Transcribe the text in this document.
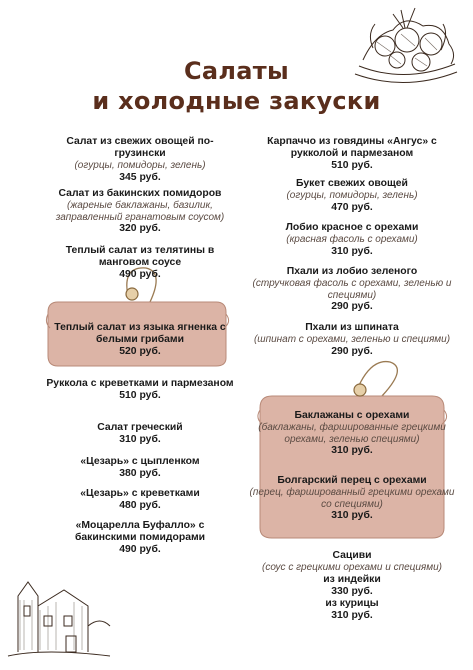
Салаты
и холодные закуски
Салат из свежих овощей по-грузински
(огурцы, помидоры, зелень)
345 руб.
Салат из бакинских помидоров
(жареные баклажаны, базилик, заправленный гранатовым соусом)
320 руб.
Теплый салат из телятины в манговом соусе
490 руб.
Теплый салат из языка ягненка с белыми грибами
520 руб.
Руккола с креветками и пармезаном
510 руб.
Салат греческий
310 руб.
«Цезарь» с цыпленком
380 руб.
«Цезарь» с креветками
480 руб.
«Моцарелла Буфалло» с бакинскими помидорами
490 руб.
Карпаччо из говядины «Ангус» с рукколой и пармезаном
510 руб.
Букет свежих овощей
(огурцы, помидоры, зелень)
470 руб.
Лобио красное с орехами
(красная фасоль с орехами)
310 руб.
Пхали из лобио зеленого
(стручковая фасоль с орехами, зеленью и специями)
290 руб.
Пхали из шпината
(шпинат с орехами, зеленью и специями)
290 руб.
Баклажаны с орехами
(баклажаны, фаршированные грецкими орехами, зеленью специями)
310 руб.
Болгарский перец с орехами
(перец, фаршированный грецкими орехами со специями)
310 руб.
Сациви
(соус с грецкими орехами и специями)
из индейки
330 руб.
из курицы
310 руб.
